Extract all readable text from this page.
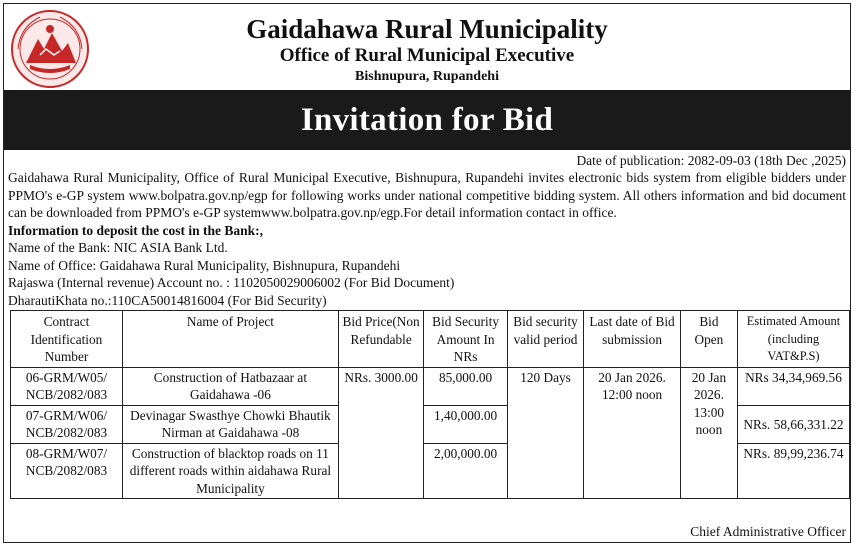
Gaidahawa Rural Municipality
Office of Rural Municipal Executive
Bishnupura, Rupandehi
Invitation for Bid
Date of publication: 2082-09-03 (18th Dec ,2025)

Gaidahawa Rural Municipality, Office of Rural Municipal Executive, Bishnupura, Rupandehi invites electronic bids system from eligible bidders under PPMO's e-GP system www.bolpatra.gov.np/egp for following works under national competitive bidding system. All others information and bid document can be downloaded from PPMO's e-GP systemwww.bolpatra.gov.np/egp.For detail information contact in office.

Information to deposit the cost in the Bank:,

Name of the Bank: NIC ASIA Bank Ltd.

Name of Office: Gaidahawa Rural Municipality, Bishnupura, Rupandehi

Rajaswa (Internal revenue) Account no. : 1102050029006002 (For Bid Document)

DharautiKhata no.:110CA50014816004 (For Bid Security)

Contract Identification Number	Name of Project	Bid Price(Non Refundable	Bid Security Amount In NRs	Bid security valid period	Last date of Bid submission	Bid Open	Estimated Amount (including VAT&P.S)
06-GRM/W05/ NCB/2082/083	Construction of Hatbazaar at Gaidahawa -06	NRs. 3000.00	85,000.00	120 Days	20 Jan 2026. 12:00 noon	20 Jan 2026. 13:00 noon	NRs 34,34,969.56
07-GRM/W06/ NCB/2082/083	Devinagar Swasthye Chowki Bhautik Nirman at Gaidahawa -08		1,40,000.00				NRs. 58,66,331.22
08-GRM/W07/ NCB/2082/083	Construction of blacktop roads on 11 different roads within aidahawa Rural Municipality		2,00,000.00				NRs. 89,99,236.74
Chief Administrative Officer
